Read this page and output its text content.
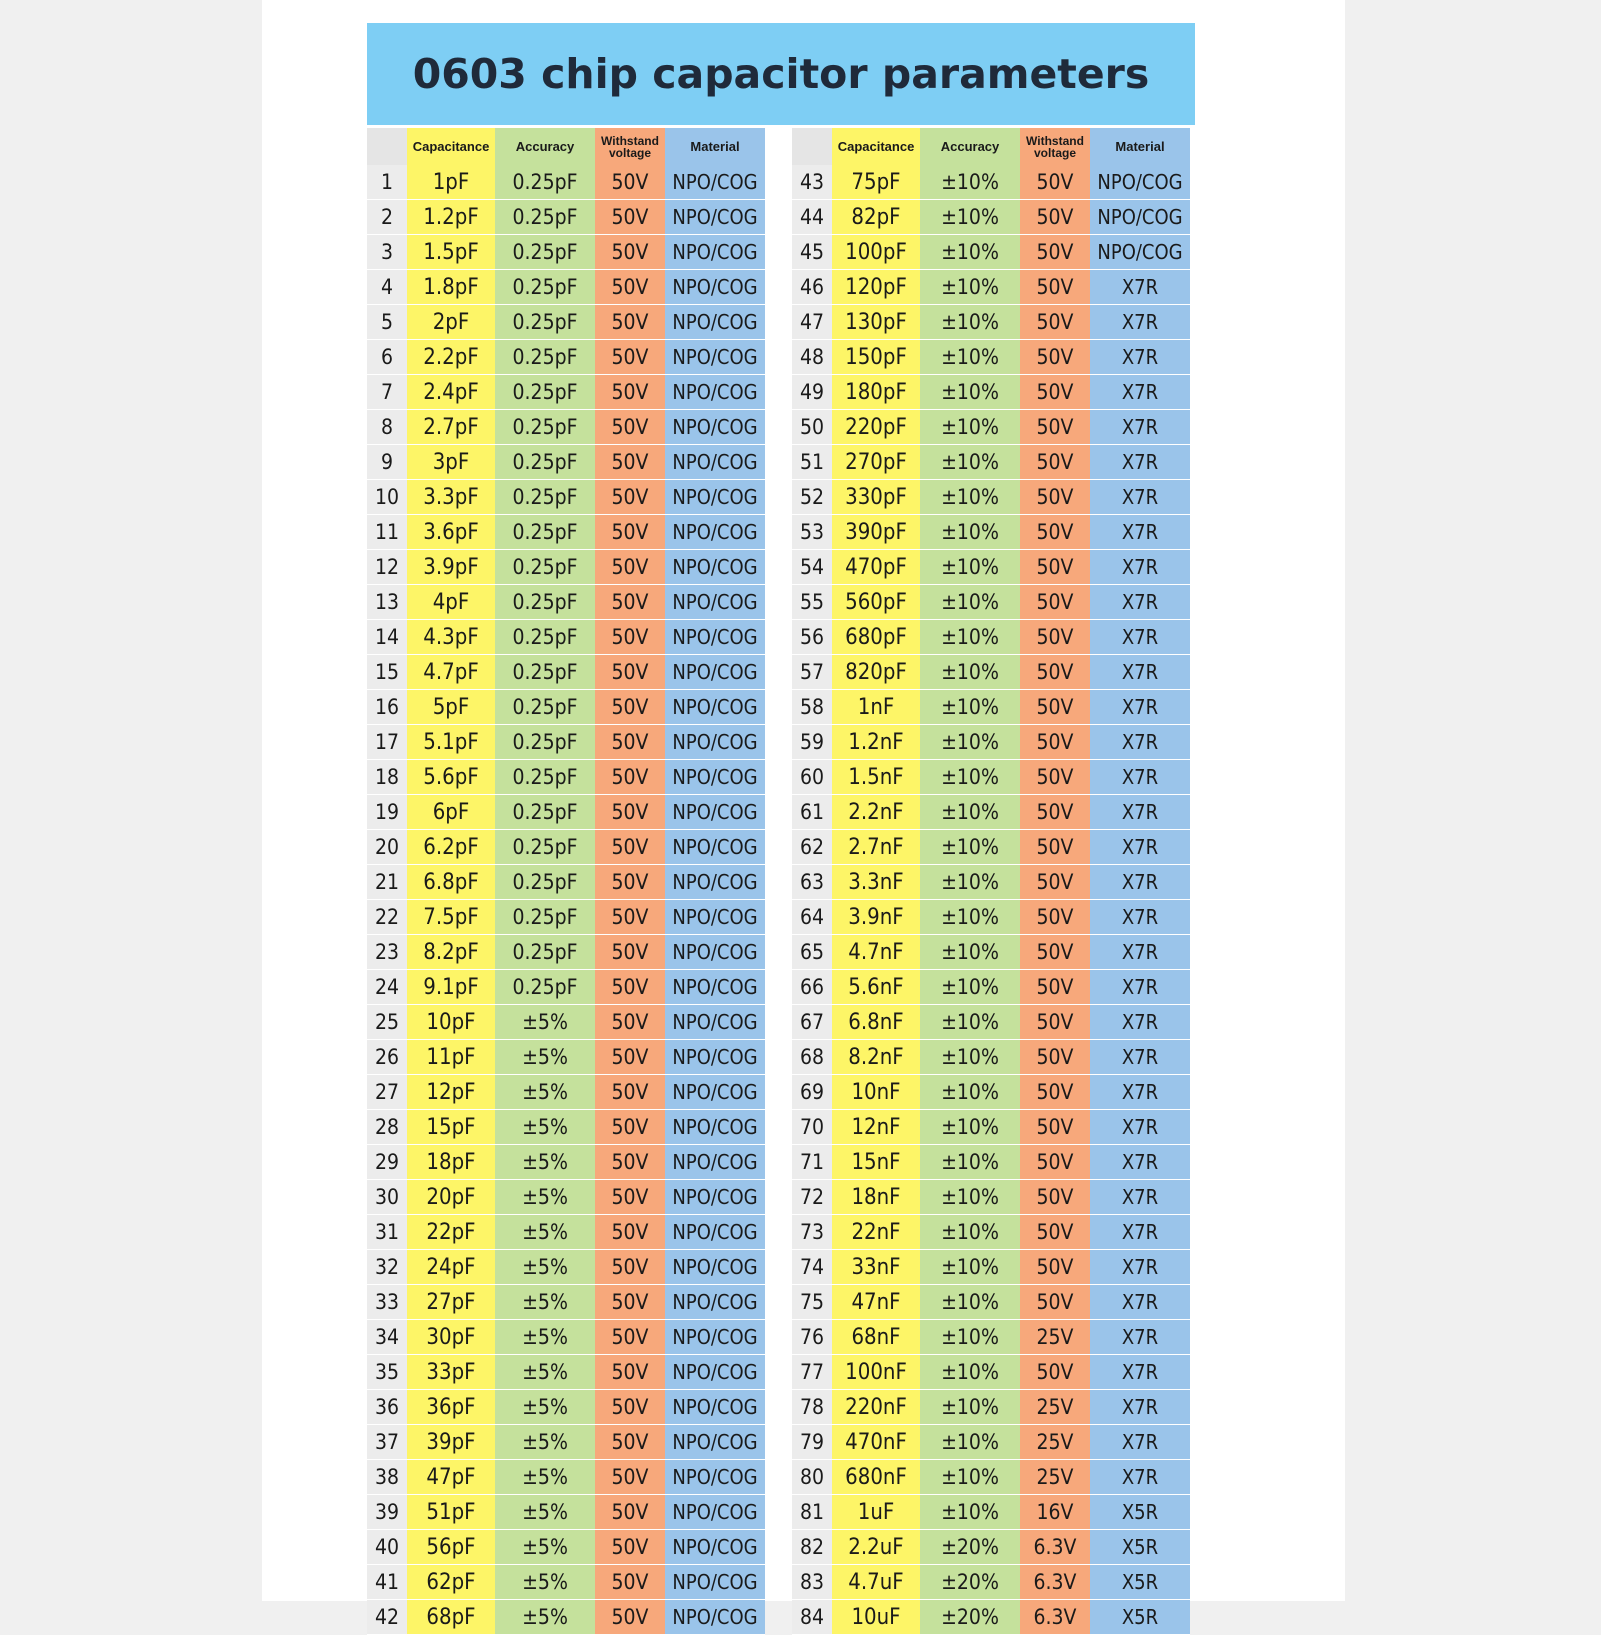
0603 chip capacitor parameters
	Capacitance	Accuracy	Withstand
voltage	Material
1	1pF	0.25pF	50V	NPO/COG
2	1.2pF	0.25pF	50V	NPO/COG
3	1.5pF	0.25pF	50V	NPO/COG
4	1.8pF	0.25pF	50V	NPO/COG
5	2pF	0.25pF	50V	NPO/COG
6	2.2pF	0.25pF	50V	NPO/COG
7	2.4pF	0.25pF	50V	NPO/COG
8	2.7pF	0.25pF	50V	NPO/COG
9	3pF	0.25pF	50V	NPO/COG
10	3.3pF	0.25pF	50V	NPO/COG
11	3.6pF	0.25pF	50V	NPO/COG
12	3.9pF	0.25pF	50V	NPO/COG
13	4pF	0.25pF	50V	NPO/COG
14	4.3pF	0.25pF	50V	NPO/COG
15	4.7pF	0.25pF	50V	NPO/COG
16	5pF	0.25pF	50V	NPO/COG
17	5.1pF	0.25pF	50V	NPO/COG
18	5.6pF	0.25pF	50V	NPO/COG
19	6pF	0.25pF	50V	NPO/COG
20	6.2pF	0.25pF	50V	NPO/COG
21	6.8pF	0.25pF	50V	NPO/COG
22	7.5pF	0.25pF	50V	NPO/COG
23	8.2pF	0.25pF	50V	NPO/COG
24	9.1pF	0.25pF	50V	NPO/COG
25	10pF	±5%	50V	NPO/COG
26	11pF	±5%	50V	NPO/COG
27	12pF	±5%	50V	NPO/COG
28	15pF	±5%	50V	NPO/COG
29	18pF	±5%	50V	NPO/COG
30	20pF	±5%	50V	NPO/COG
31	22pF	±5%	50V	NPO/COG
32	24pF	±5%	50V	NPO/COG
33	27pF	±5%	50V	NPO/COG
34	30pF	±5%	50V	NPO/COG
35	33pF	±5%	50V	NPO/COG
36	36pF	±5%	50V	NPO/COG
37	39pF	±5%	50V	NPO/COG
38	47pF	±5%	50V	NPO/COG
39	51pF	±5%	50V	NPO/COG
40	56pF	±5%	50V	NPO/COG
41	62pF	±5%	50V	NPO/COG
42	68pF	±5%	50V	NPO/COG
	Capacitance	Accuracy	Withstand
voltage	Material
43	75pF	±10%	50V	NPO/COG
44	82pF	±10%	50V	NPO/COG
45	100pF	±10%	50V	NPO/COG
46	120pF	±10%	50V	X7R
47	130pF	±10%	50V	X7R
48	150pF	±10%	50V	X7R
49	180pF	±10%	50V	X7R
50	220pF	±10%	50V	X7R
51	270pF	±10%	50V	X7R
52	330pF	±10%	50V	X7R
53	390pF	±10%	50V	X7R
54	470pF	±10%	50V	X7R
55	560pF	±10%	50V	X7R
56	680pF	±10%	50V	X7R
57	820pF	±10%	50V	X7R
58	1nF	±10%	50V	X7R
59	1.2nF	±10%	50V	X7R
60	1.5nF	±10%	50V	X7R
61	2.2nF	±10%	50V	X7R
62	2.7nF	±10%	50V	X7R
63	3.3nF	±10%	50V	X7R
64	3.9nF	±10%	50V	X7R
65	4.7nF	±10%	50V	X7R
66	5.6nF	±10%	50V	X7R
67	6.8nF	±10%	50V	X7R
68	8.2nF	±10%	50V	X7R
69	10nF	±10%	50V	X7R
70	12nF	±10%	50V	X7R
71	15nF	±10%	50V	X7R
72	18nF	±10%	50V	X7R
73	22nF	±10%	50V	X7R
74	33nF	±10%	50V	X7R
75	47nF	±10%	50V	X7R
76	68nF	±10%	25V	X7R
77	100nF	±10%	50V	X7R
78	220nF	±10%	25V	X7R
79	470nF	±10%	25V	X7R
80	680nF	±10%	25V	X7R
81	1uF	±10%	16V	X5R
82	2.2uF	±20%	6.3V	X5R
83	4.7uF	±20%	6.3V	X5R
84	10uF	±20%	6.3V	X5R
